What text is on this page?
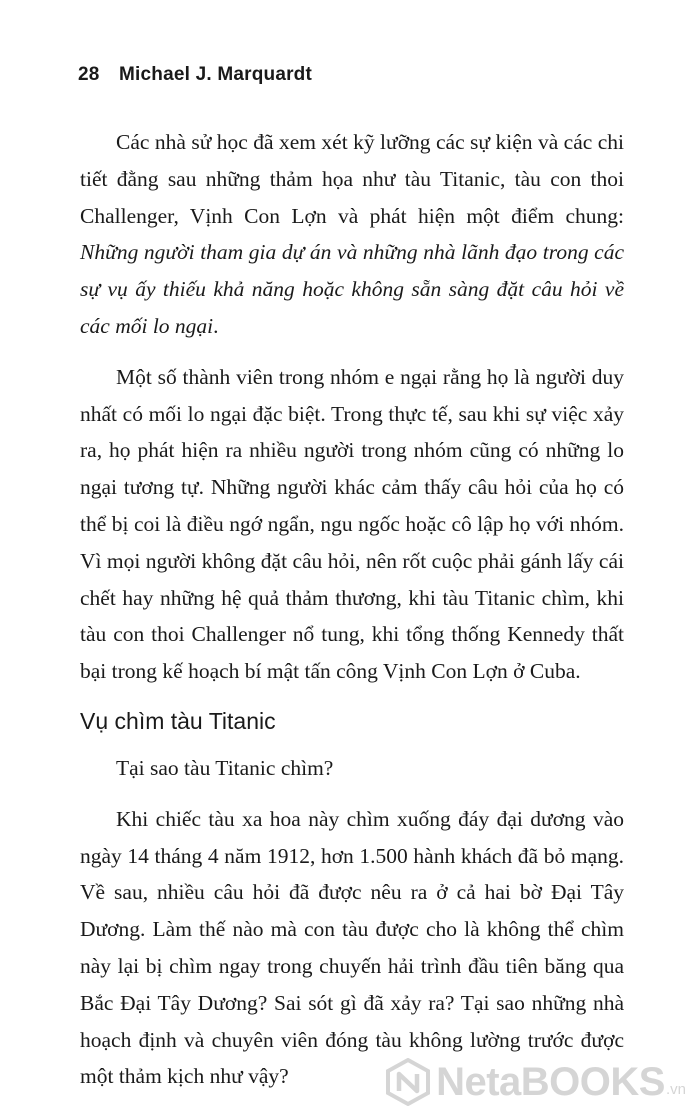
28 Michael J. Marquardt

Các nhà sử học đã xem xét kỹ lưỡng các sự kiện và các chi tiết đằng sau những thảm họa như tàu Titanic, tàu con thoi Challenger, Vịnh Con Lợn và phát hiện một điểm chung: Những người tham gia dự án và những nhà lãnh đạo trong các sự vụ ấy thiếu khả năng hoặc không sẵn sàng đặt câu hỏi về các mối lo ngại.

Một số thành viên trong nhóm e ngại rằng họ là người duy nhất có mối lo ngại đặc biệt. Trong thực tế, sau khi sự việc xảy ra, họ phát hiện ra nhiều người trong nhóm cũng có những lo ngại tương tự. Những người khác cảm thấy câu hỏi của họ có thể bị coi là điều ngớ ngẩn, ngu ngốc hoặc cô lập họ với nhóm. Vì mọi người không đặt câu hỏi, nên rốt cuộc phải gánh lấy cái chết hay những hệ quả thảm thương, khi tàu Titanic chìm, khi tàu con thoi Challenger nổ tung, khi tổng thống Kennedy thất bại trong kế hoạch bí mật tấn công Vịnh Con Lợn ở Cuba.

Vụ chìm tàu Titanic

Tại sao tàu Titanic chìm?

Khi chiếc tàu xa hoa này chìm xuống đáy đại dương vào ngày 14 tháng 4 năm 1912, hơn 1.500 hành khách đã bỏ mạng. Về sau, nhiều câu hỏi đã được nêu ra ở cả hai bờ Đại Tây Dương. Làm thế nào mà con tàu được cho là không thể chìm này lại bị chìm ngay trong chuyến hải trình đầu tiên băng qua Bắc Đại Tây Dương? Sai sót gì đã xảy ra? Tại sao những nhà hoạch định và chuyên viên đóng tàu không lường trước được một thảm kịch như vậy?	NetaBOOKS .vn
